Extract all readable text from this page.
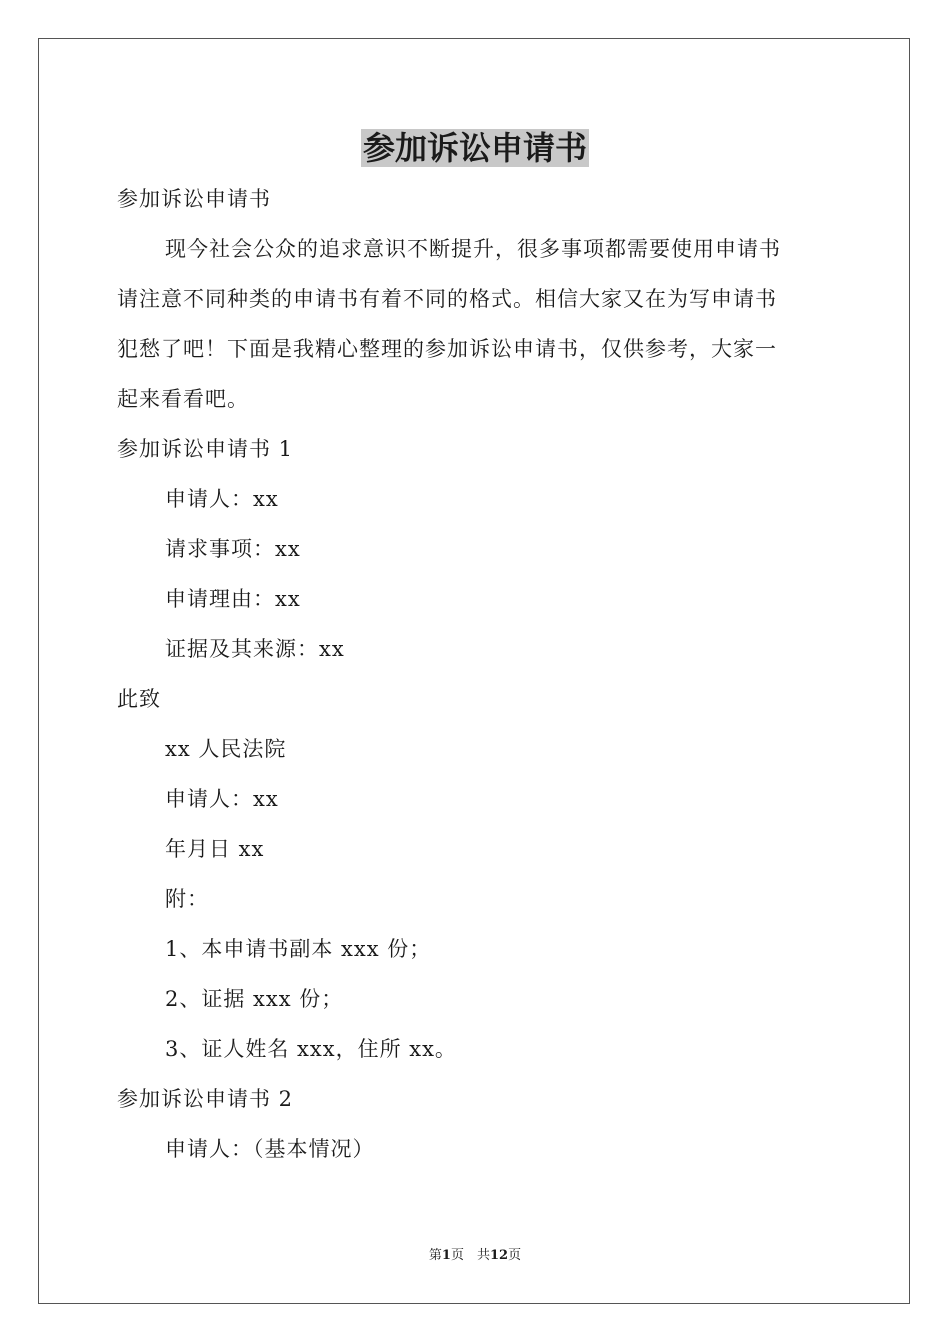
参加诉讼申请书
参加诉讼申请书
现今社会公众的追求意识不断提升，很多事项都需要使用申请书
请注意不同种类的申请书有着不同的格式。相信大家又在为写申请书
犯愁了吧！下面是我精心整理的参加诉讼申请书，仅供参考，大家一
起来看看吧。
参加诉讼申请书 1
申请人：xx
请求事项：xx
申请理由：xx
证据及其来源：xx
此致
xx 人民法院
申请人：xx
年月日 xx
附：
1、本申请书副本 xxx 份；
2、证据 xxx 份；
3、证人姓名 xxx，住所 xx。
参加诉讼申请书 2
申请人：（基本情况）
第1页　共12页
